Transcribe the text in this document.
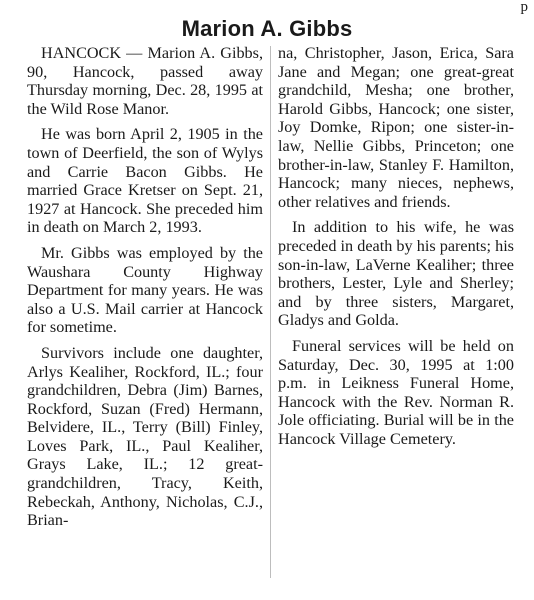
p
Marion A. Gibbs

HANCOCK — Marion A. Gibbs, 90, Hancock, passed away Thursday morning, Dec. 28, 1995 at the Wild Rose Manor.

He was born April 2, 1905 in the town of Deerfield, the son of Wylys and Carrie Bacon Gibbs. He married Grace Kretser on Sept. 21, 1927 at Hancock. She preceded him in death on March 2, 1993.

Mr. Gibbs was employed by the Waushara County Highway Department for many years. He was also a U.S. Mail carrier at Hancock for sometime.

Survivors include one daughter, Arlys Kealiher, Rockford, IL.; four grandchildren, Debra (Jim) Barnes, Rockford, Suzan (Fred) Hermann, Belvidere, IL., Terry (Bill) Finley, Loves Park, IL., Paul Kealiher, Grays Lake, IL.; 12 great-grandchildren, Tracy, Keith, Rebeckah, Anthony, Nicholas, C.J., Brian-

na, Christopher, Jason, Erica, Sara Jane and Megan; one great-great grandchild, Mesha; one brother, Harold Gibbs, Hancock; one sister, Joy Domke, Ripon; one sister-in-law, Nellie Gibbs, Princeton; one brother-in-law, Stanley F. Hamilton, Hancock; many nieces, nephews, other relatives and friends.

In addition to his wife, he was preceded in death by his parents; his son-in-law, LaVerne Kealiher; three brothers, Lester, Lyle and Sherley; and by three sisters, Margaret, Gladys and Golda.

Funeral services will be held on Saturday, Dec. 30, 1995 at 1:00 p.m. in Leikness Funeral Home, Hancock with the Rev. Norman R. Jole officiating. Burial will be in the Hancock Village Cemetery.
